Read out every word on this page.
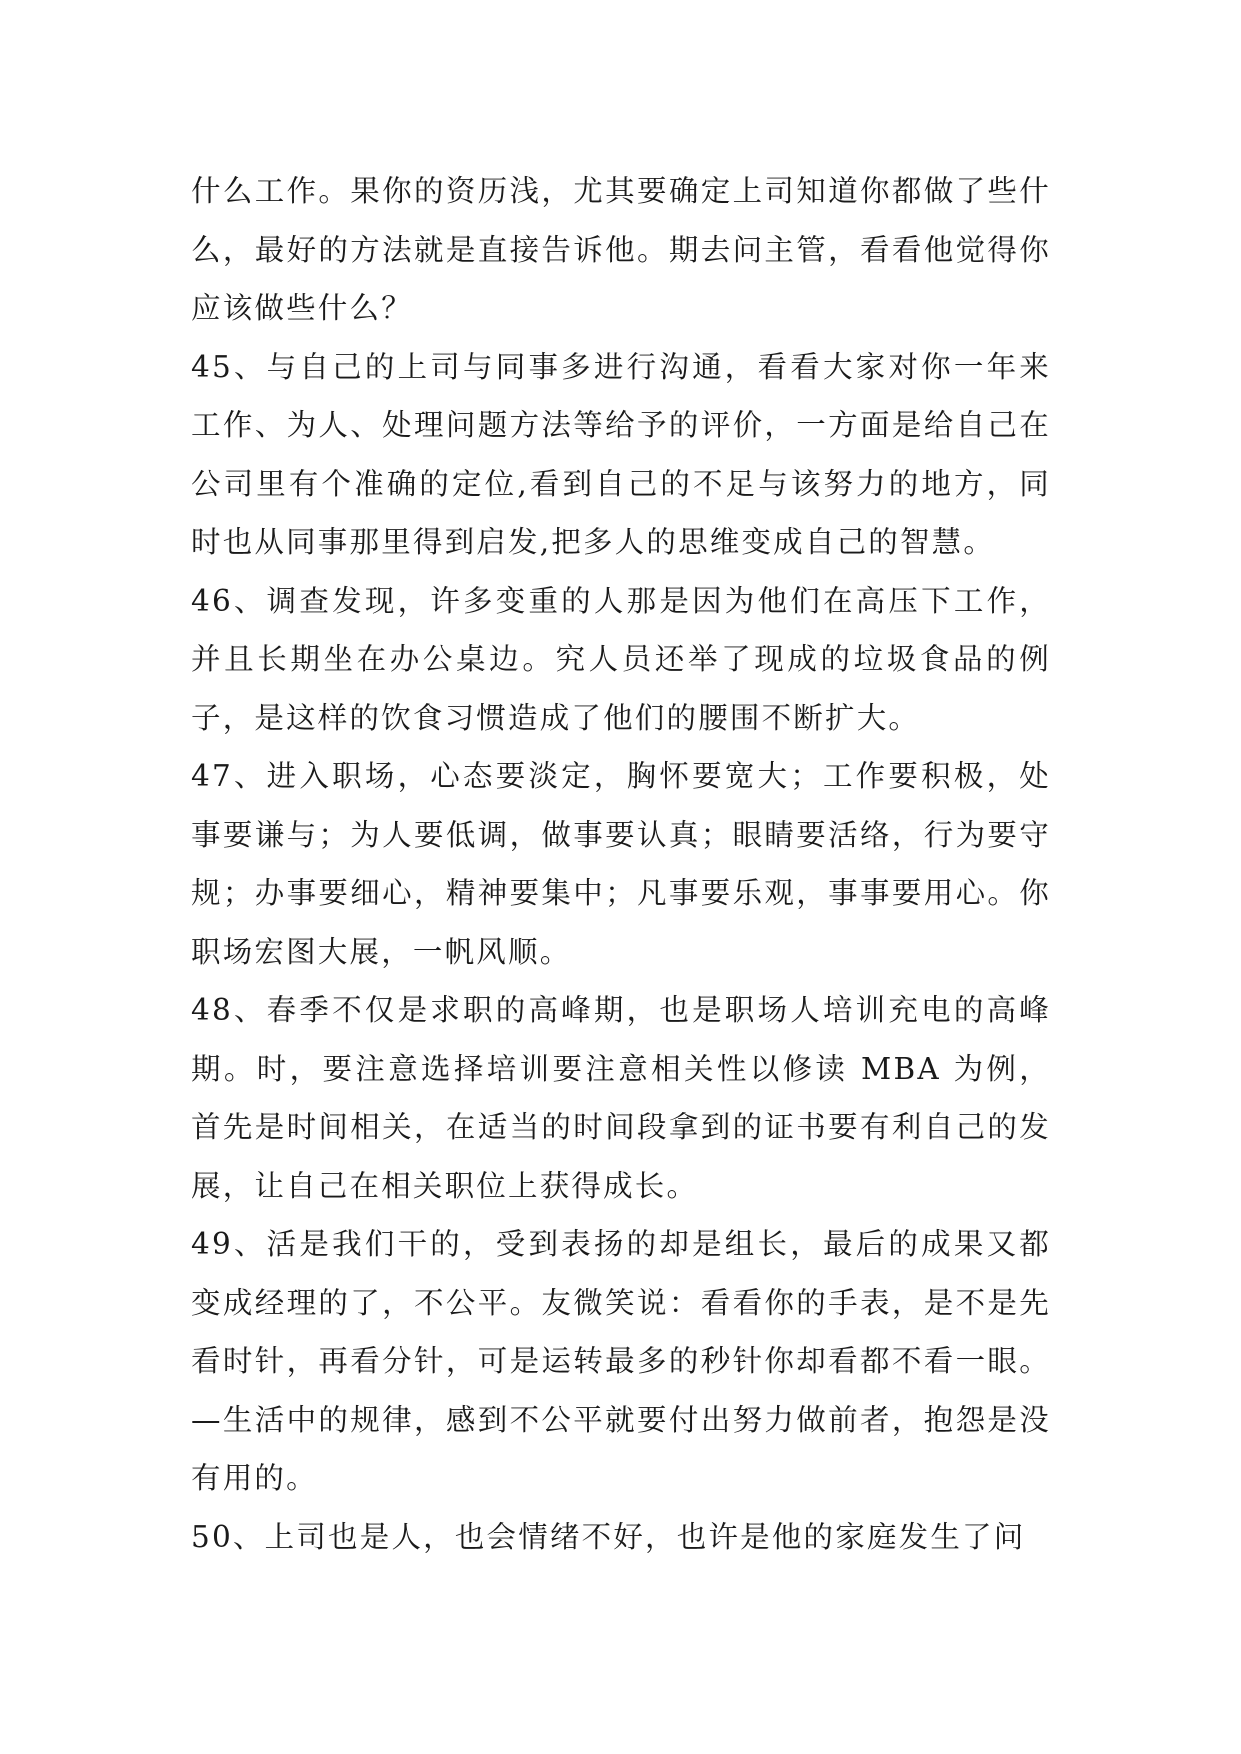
什么工作。果你的资历浅，尤其要确定上司知道你都做了些什么，最好的方法就是直接告诉他。期去问主管，看看他觉得你应该做些什么？

45、与自己的上司与同事多进行沟通，看看大家对你一年来工作、为人、处理问题方法等给予的评价，一方面是给自己在公司里有个准确的定位,看到自己的不足与该努力的地方，同时也从同事那里得到启发,把多人的思维变成自己的智慧。

46、调查发现，许多变重的人那是因为他们在高压下工作，并且长期坐在办公桌边。究人员还举了现成的垃圾食品的例子，是这样的饮食习惯造成了他们的腰围不断扩大。

47、进入职场，心态要淡定，胸怀要宽大；工作要积极，处事要谦与；为人要低调，做事要认真；眼睛要活络，行为要守规；办事要细心，精神要集中；凡事要乐观，事事要用心。你职场宏图大展，一帆风顺。

48、春季不仅是求职的高峰期，也是职场人培训充电的高峰期。时，要注意选择培训要注意相关性以修读 MBA 为例，首先是时间相关，在适当的时间段拿到的证书要有利自己的发展，让自己在相关职位上获得成长。

49、活是我们干的，受到表扬的却是组长，最后的成果又都变成经理的了，不公平。友微笑说：看看你的手表，是不是先看时针，再看分针，可是运转最多的秒针你却看都不看一眼。—生活中的规律，感到不公平就要付出努力做前者，抱怨是没有用的。

50、上司也是人，也会情绪不好，也许是他的家庭发生了问
